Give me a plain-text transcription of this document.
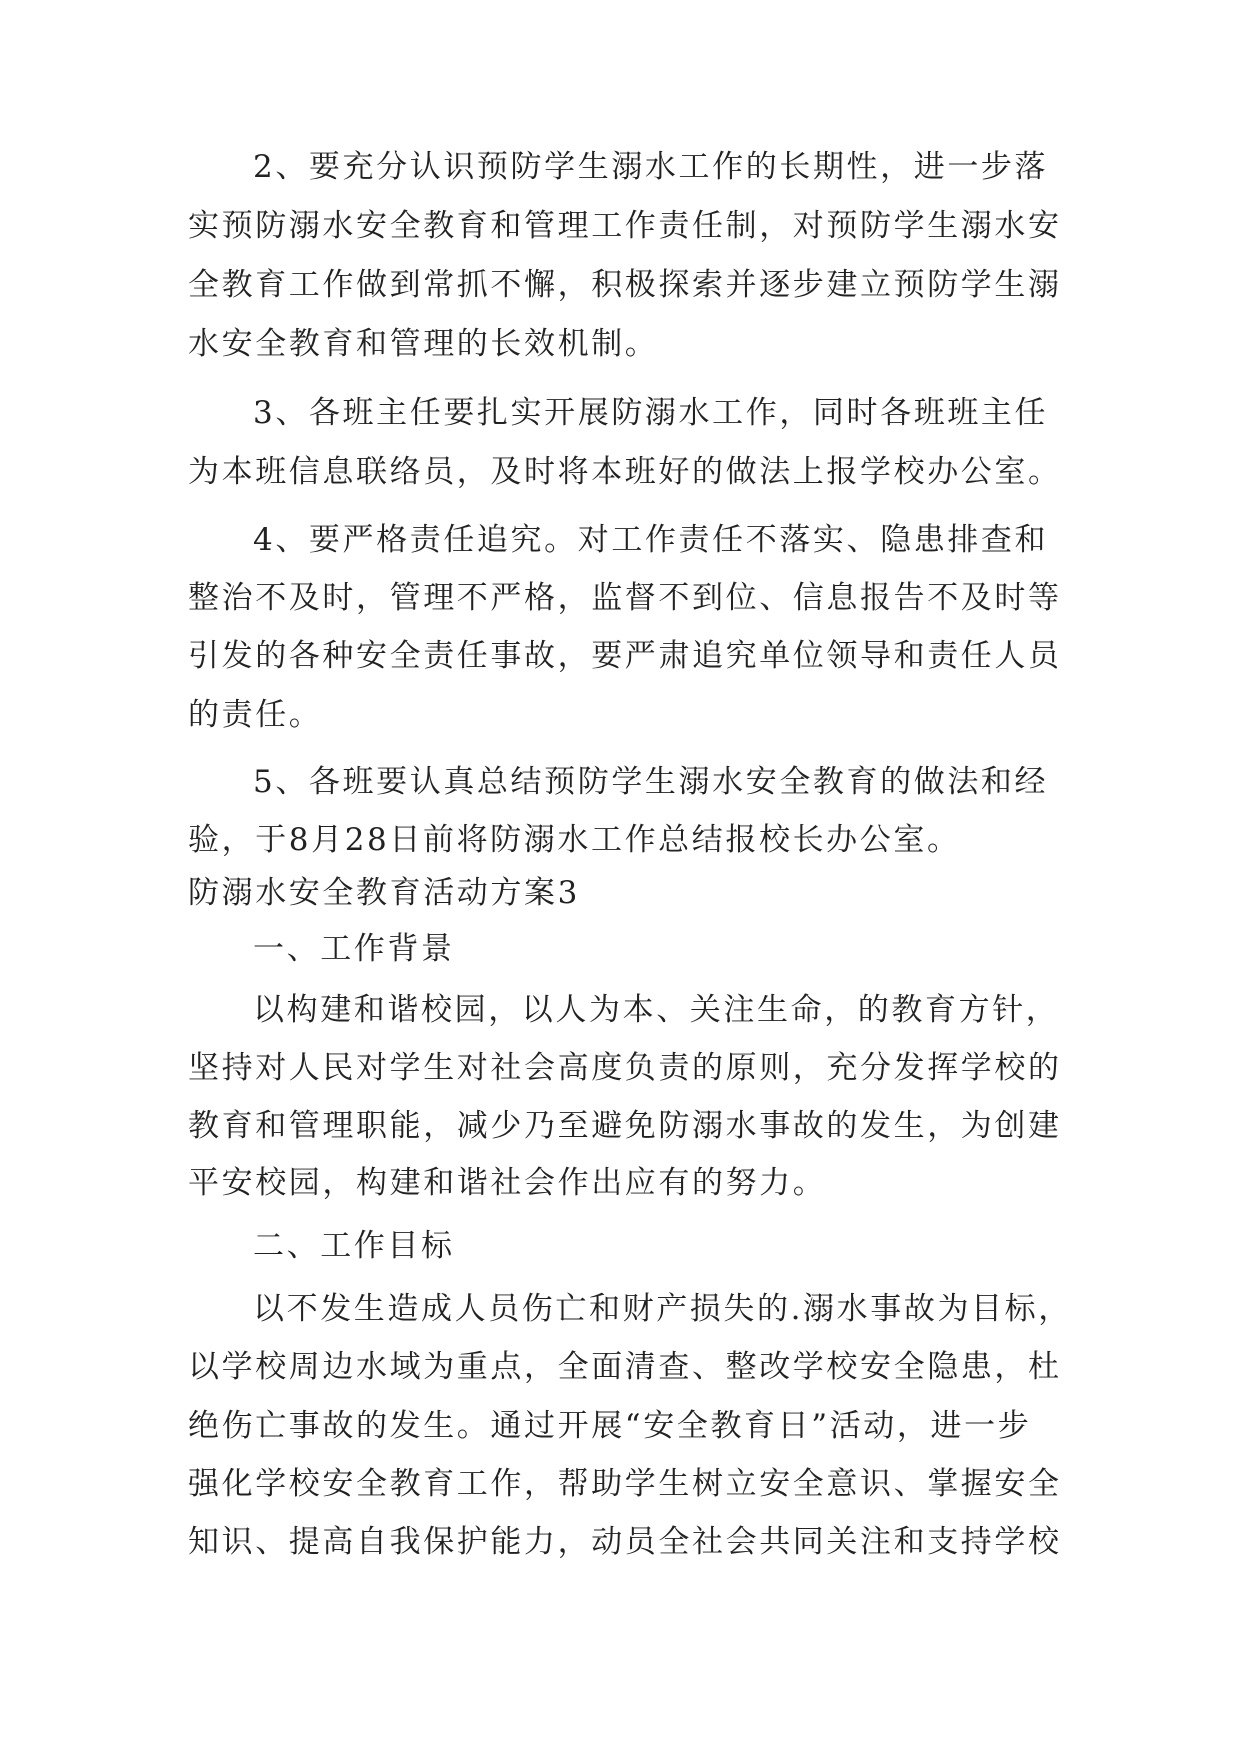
2、要充分认识预防学生溺水工作的长期性，进一步落
实预防溺水安全教育和管理工作责任制，对预防学生溺水安
全教育工作做到常抓不懈，积极探索并逐步建立预防学生溺
水安全教育和管理的长效机制。
3、各班主任要扎实开展防溺水工作，同时各班班主任
为本班信息联络员，及时将本班好的做法上报学校办公室。
4、要严格责任追究。对工作责任不落实、隐患排查和
整治不及时，管理不严格，监督不到位、信息报告不及时等
引发的各种安全责任事故，要严肃追究单位领导和责任人员
的责任。
5、各班要认真总结预防学生溺水安全教育的做法和经
验，于8月28日前将防溺水工作总结报校长办公室。
防溺水安全教育活动方案3
一、工作背景
以构建和谐校园，以人为本、关注生命，的教育方针，
坚持对人民对学生对社会高度负责的原则，充分发挥学校的
教育和管理职能，减少乃至避免防溺水事故的发生，为创建
平安校园，构建和谐社会作出应有的努力。
二、工作目标
以不发生造成人员伤亡和财产损失的.溺水事故为目标，
以学校周边水域为重点，全面清查、整改学校安全隐患，杜
绝伤亡事故的发生。通过开展“安全教育日”活动，进一步
强化学校安全教育工作，帮助学生树立安全意识、掌握安全
知识、提高自我保护能力，动员全社会共同关注和支持学校
